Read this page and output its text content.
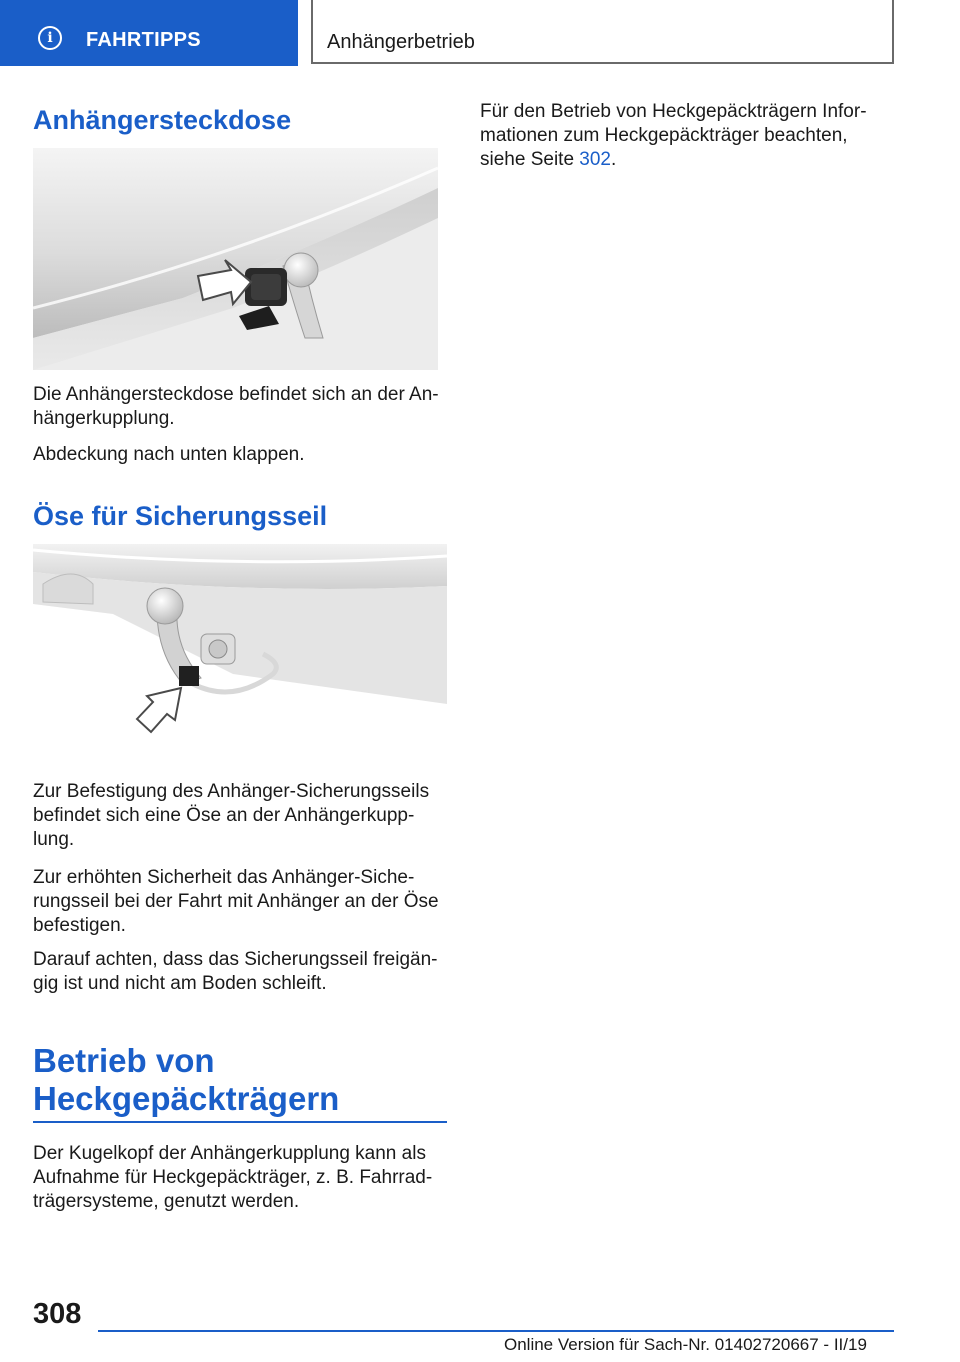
i	FAHRTIPPS	Anhängerbetrieb
Anhängersteckdose

Die Anhängersteckdose befindet sich an der An‐

hängerkupplung.

Abdeckung nach unten klappen.

Öse für Sicherungsseil

Zur Befestigung des Anhänger-Sicherungsseils

befindet sich eine Öse an der Anhängerkupp‐

lung.

Zur erhöhten Sicherheit das Anhänger-Siche‐

rungsseil bei der Fahrt mit Anhänger an der Öse

befestigen.

Darauf achten, dass das Sicherungsseil freigän‐

gig ist und nicht am Boden schleift.

Betrieb von
Heckgepäckträgern

Der Kugelkopf der Anhängerkupplung kann als

Aufnahme für Heckgepäckträger, z. B. Fahrrad‐

trägersysteme, genutzt werden.

Für den Betrieb von Heckgepäckträgern Infor‐

mationen zum Heckgepäckträger beachten,

siehe Seite 302.

308
Online Version für Sach-Nr. 01402720667 - II/19
